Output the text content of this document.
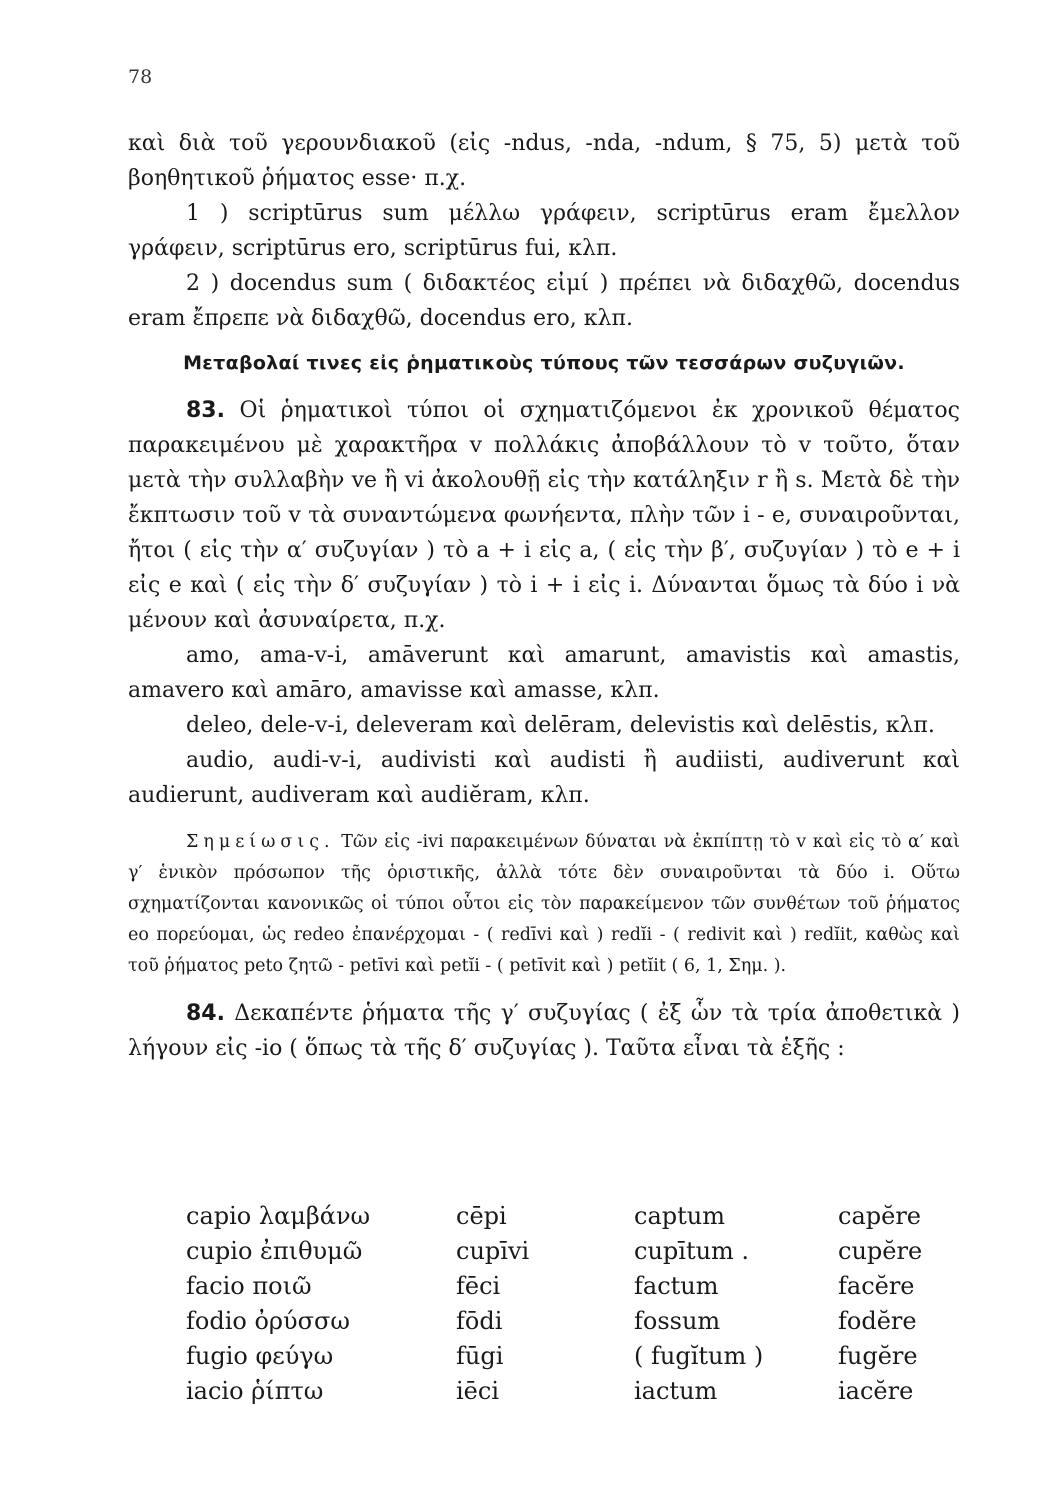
78

καὶ διὰ τοῦ γερουνδιακοῦ (εἰς -ndus, -nda, -ndum, § 75, 5) μετὰ τοῦ βοηθητικοῦ ῥήματος esse· π.χ.

1 ) scriptūrus sum μέλλω γράφειν, scriptūrus eram ἔμελλον γράφειν, scriptūrus ero, scriptūrus fui, κλπ.

2 ) docendus sum ( διδακτέος εἰμί ) πρέπει νὰ διδαχθῶ, docendus eram ἔπρεπε νὰ διδαχθῶ, docendus ero, κλπ.

Μεταβολαί τινες εἰς ῥηματικοὺς τύπους τῶν τεσσάρων συζυγιῶν.

83. Οἱ ῥηματικοὶ τύποι οἱ σχηματιζόμενοι ἐκ χρονικοῦ θέματος παρακειμένου μὲ χαρακτῆρα v πολλάκις ἀποβάλλουν τὸ v τοῦτο, ὅταν μετὰ τὴν συλλαβὴν ve ἢ vi ἀκολουθῇ εἰς τὴν κατάληξιν r ἢ s. Μετὰ δὲ τὴν ἔκπτωσιν τοῦ v τὰ συναντώμενα φωνήεντα, πλὴν τῶν i - e, συναιροῦνται, ἤτοι ( εἰς τὴν α′ συζυγίαν ) τὸ a + i εἰς a, ( εἰς τὴν β′, συζυγίαν ) τὸ e + i εἰς e καὶ ( εἰς τὴν δ′ συζυγίαν ) τὸ i + i εἰς i. Δύνανται ὅμως τὰ δύο i νὰ μένουν καὶ ἀσυναίρετα, π.χ.

amo, ama-v-i, amāverunt καὶ amarunt, amavistis καὶ amastis, amavero καὶ amāro, amavisse καὶ amasse, κλπ.

deleo, dele-v-i, deleveram καὶ delēram, delevistis καὶ delēstis, κλπ.

audio, audi-v-i, audivisti καὶ audisti ἢ audiisti, audiverunt καὶ audierunt, audiveram καὶ audiĕram, κλπ.

Σημείωσις. Τῶν εἰς -ivi παρακειμένων δύναται νὰ ἐκπίπτῃ τὸ v καὶ εἰς τὸ α′ καὶ γ′ ἑνικὸν πρόσωπον τῆς ὁριστικῆς, ἀλλὰ τότε δὲν συναιροῦνται τὰ δύο i. Οὕτω σχηματίζονται κανονικῶς οἱ τύποι οὗτοι εἰς τὸν παρακείμενον τῶν συνθέτων τοῦ ῥήματος eo πορεύομαι, ὡς redeo ἐπανέρχομαι - ( redīvi καὶ ) redĭi - ( redivit καὶ ) redĭit, καθὼς καὶ τοῦ ῥήματος peto ζητῶ - petīvi καὶ petĭi - ( petīvit καὶ ) petĭit ( 6, 1, Σημ. ).

84. Δεκαπέντε ῥήματα τῆς γ′ συζυγίας ( ἐξ ὧν τὰ τρία ἀποθετικὰ ) λήγουν εἰς -io ( ὅπως τὰ τῆς δ′ συζυγίας ). Ταῦτα εἶναι τὰ ἑξῆς :

capio λαμβάνω	cēpi	captum	capĕre
cupio ἐπιθυμῶ	cupīvi	cupītum .	cupĕre
facio ποιῶ	fēci	factum	facĕre
fodio ὀρύσσω	fōdi	fossum	fodĕre
fugio φεύγω	fūgi	( fugĭtum )	fugĕre
iacio ῥίπτω	iēci	iactum	iacĕre
